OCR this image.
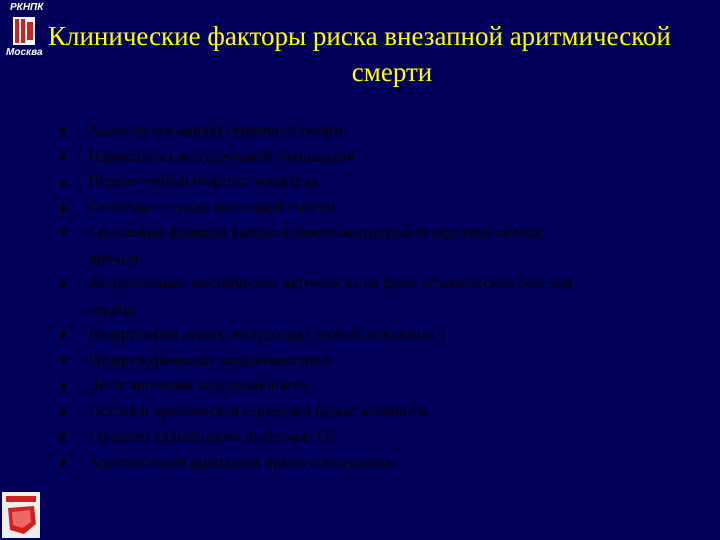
РКНПК
Москва
Клинические факторы риска внезапной аритмической
смерти
Анамнез внезапной сердечной смерти
Пароксизмы желудочковой тахикардии
Перенесенный инфаркт миокарда
Семейные случаи внезапной смерти
Сниженная фракция выброса левого желудочка вследствие любых
причин
Желудочковая эктопическая активность на фоне ишемической болезни
сердца
Гипертрофия левого желудочка ( любой этиологии )
Гипертрофическая кардиомиопатия
Дилатационная кардиомиопатия
Острая и хроническая сердечная недостаточность
Синдром удлиненного интервала QT
Аритмогенная дисплазия правого желудочка.
